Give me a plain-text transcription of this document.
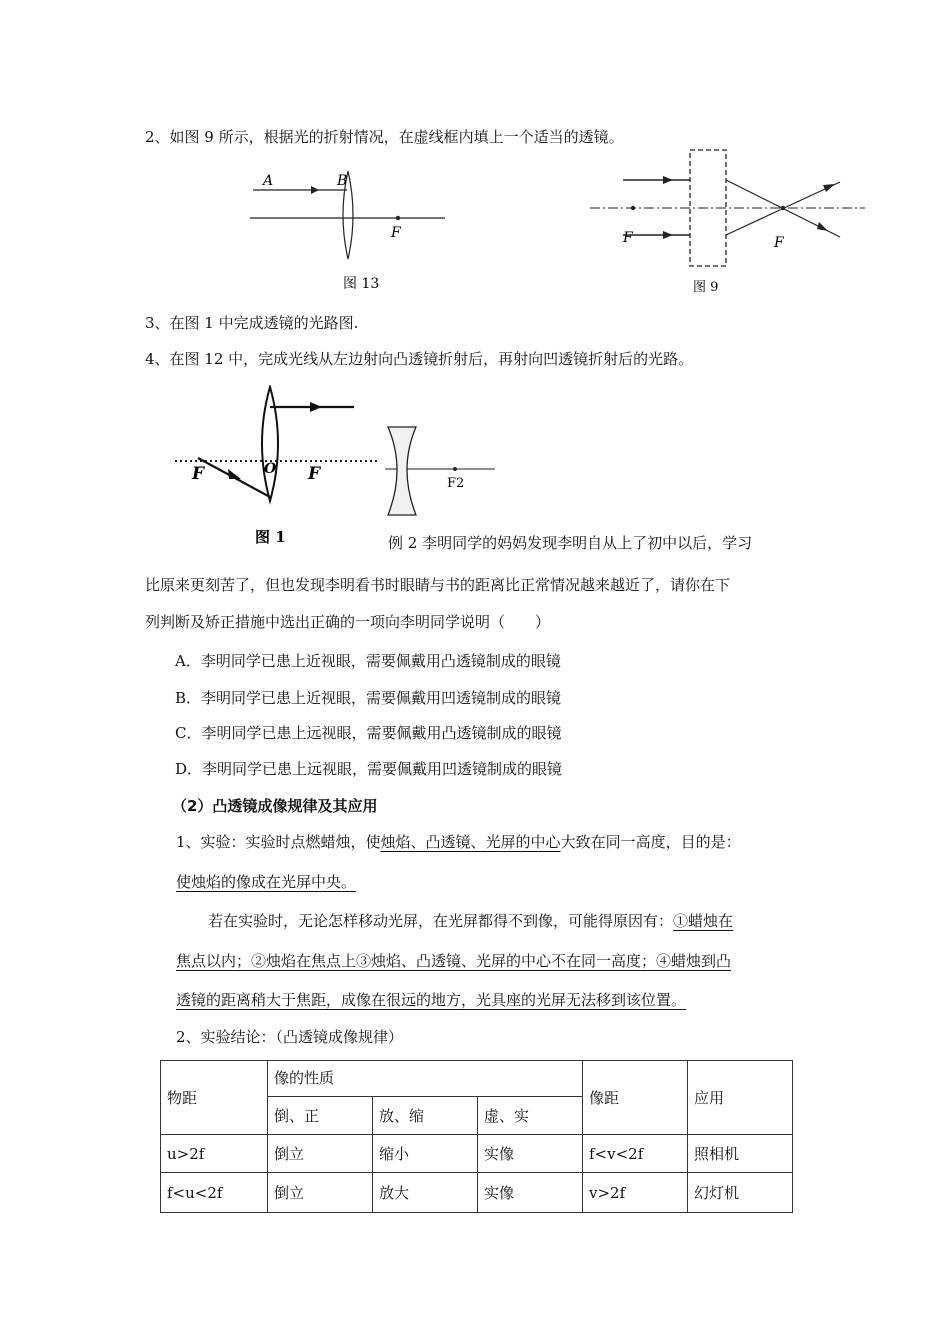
2、如图 9 所示，根据光的折射情况，在虚线框内填上一个适当的透镜。
A	B
F
图 13
F	F
图 9
3、在图 1 中完成透镜的光路图.
4、在图 12 中，完成光线从左边射向凸透镜折射后，再射向凹透镜折射后的光路。
F	O F
图 1
F2
例 2 李明同学的妈妈发现李明自从上了初中以后，学习
比原来更刻苦了，但也发现李明看书时眼睛与书的距离比正常情况越来越近了，请你在下
列判断及矫正措施中选出正确的一项向李明同学说明（　　）
A．李明同学已患上近视眼，需要佩戴用凸透镜制成的眼镜
B．李明同学已患上近视眼，需要佩戴用凹透镜制成的眼镜
C．李明同学已患上远视眼，需要佩戴用凸透镜制成的眼镜
D．李明同学已患上远视眼，需要佩戴用凹透镜制成的眼镜
（2）凸透镜成像规律及其应用
1、实验：实验时点燃蜡烛，使烛焰、凸透镜、光屏的中心大致在同一高度，目的是：
使烛焰的像成在光屏中央。
若在实验时，无论怎样移动光屏，在光屏都得不到像，可能得原因有：①蜡烛在
焦点以内；②烛焰在焦点上③烛焰、凸透镜、光屏的中心不在同一高度；④蜡烛到凸
透镜的距离稍大于焦距，成像在很远的地方，光具座的光屏无法移到该位置。
2、实验结论：（凸透镜成像规律）
物距	像的性质			像距	应用
	倒、正	放、缩	虚、实		
u>2f	倒立	缩小	实像	f<v<2f	照相机
f<u<2f	倒立	放大	实像	v>2f	幻灯机
